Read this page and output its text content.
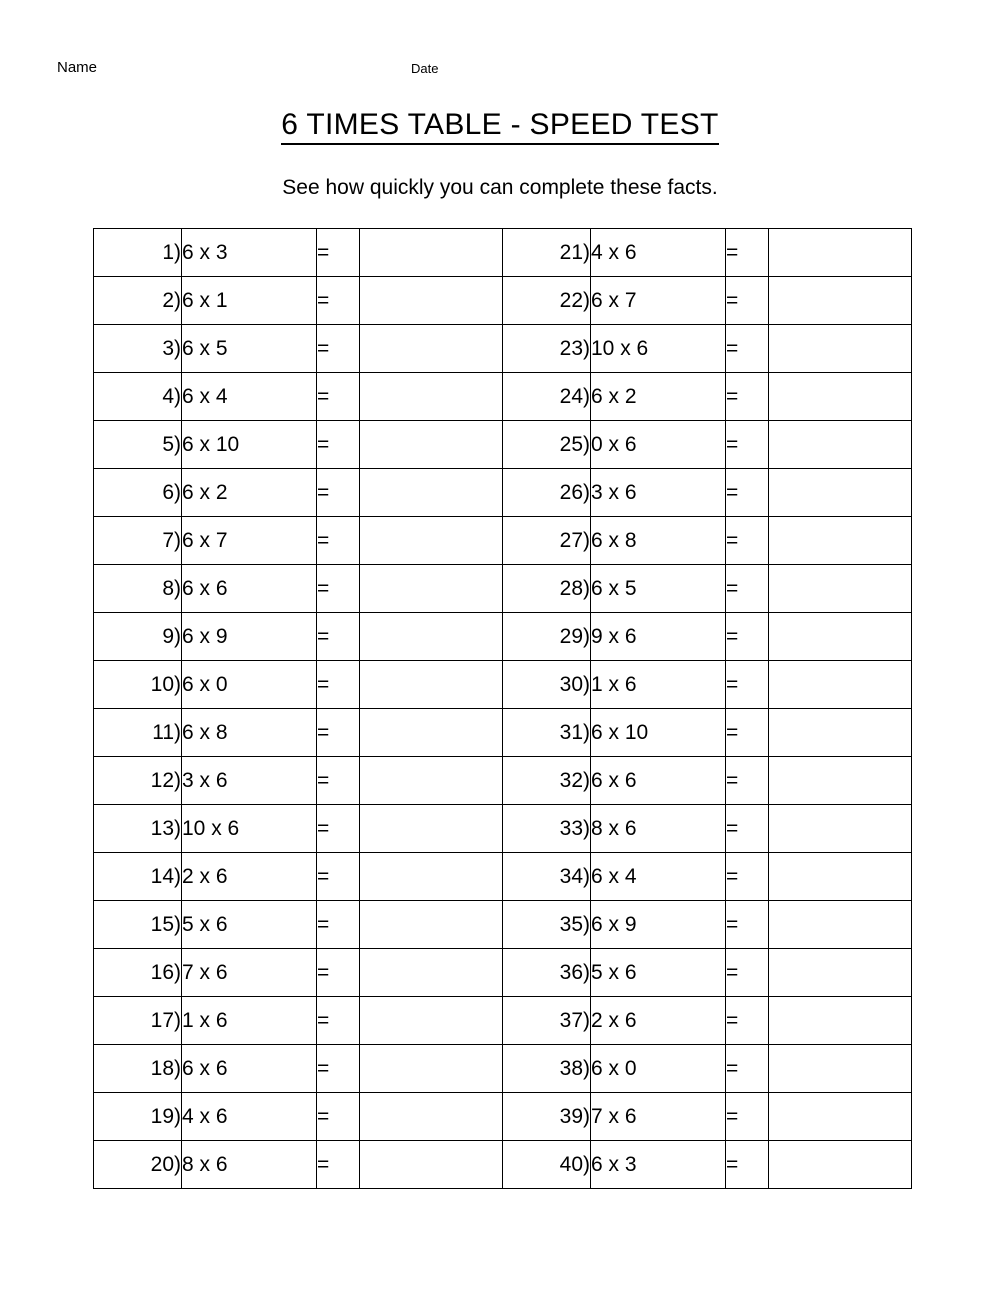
Name	Date
6 TIMES TABLE - SPEED TEST
See how quickly you can complete these facts.
1)	6 x 3	=		21)	4 x 6	=	
2)	6 x 1	=		22)	6 x 7	=	
3)	6 x 5	=		23)	10 x 6	=	
4)	6 x 4	=		24)	6 x 2	=	
5)	6 x 10	=		25)	0 x 6	=	
6)	6 x 2	=		26)	3 x 6	=	
7)	6 x 7	=		27)	6 x 8	=	
8)	6 x 6	=		28)	6 x 5	=	
9)	6 x 9	=		29)	9 x 6	=	
10)	6 x 0	=		30)	1 x 6	=	
11)	6 x 8	=		31)	6 x 10	=	
12)	3 x 6	=		32)	6 x 6	=	
13)	10 x 6	=		33)	8 x 6	=	
14)	2 x 6	=		34)	6 x 4	=	
15)	5 x 6	=		35)	6 x 9	=	
16)	7 x 6	=		36)	5 x 6	=	
17)	1 x 6	=		37)	2 x 6	=	
18)	6 x 6	=		38)	6 x 0	=	
19)	4 x 6	=		39)	7 x 6	=	
20)	8 x 6	=		40)	6 x 3	=	
